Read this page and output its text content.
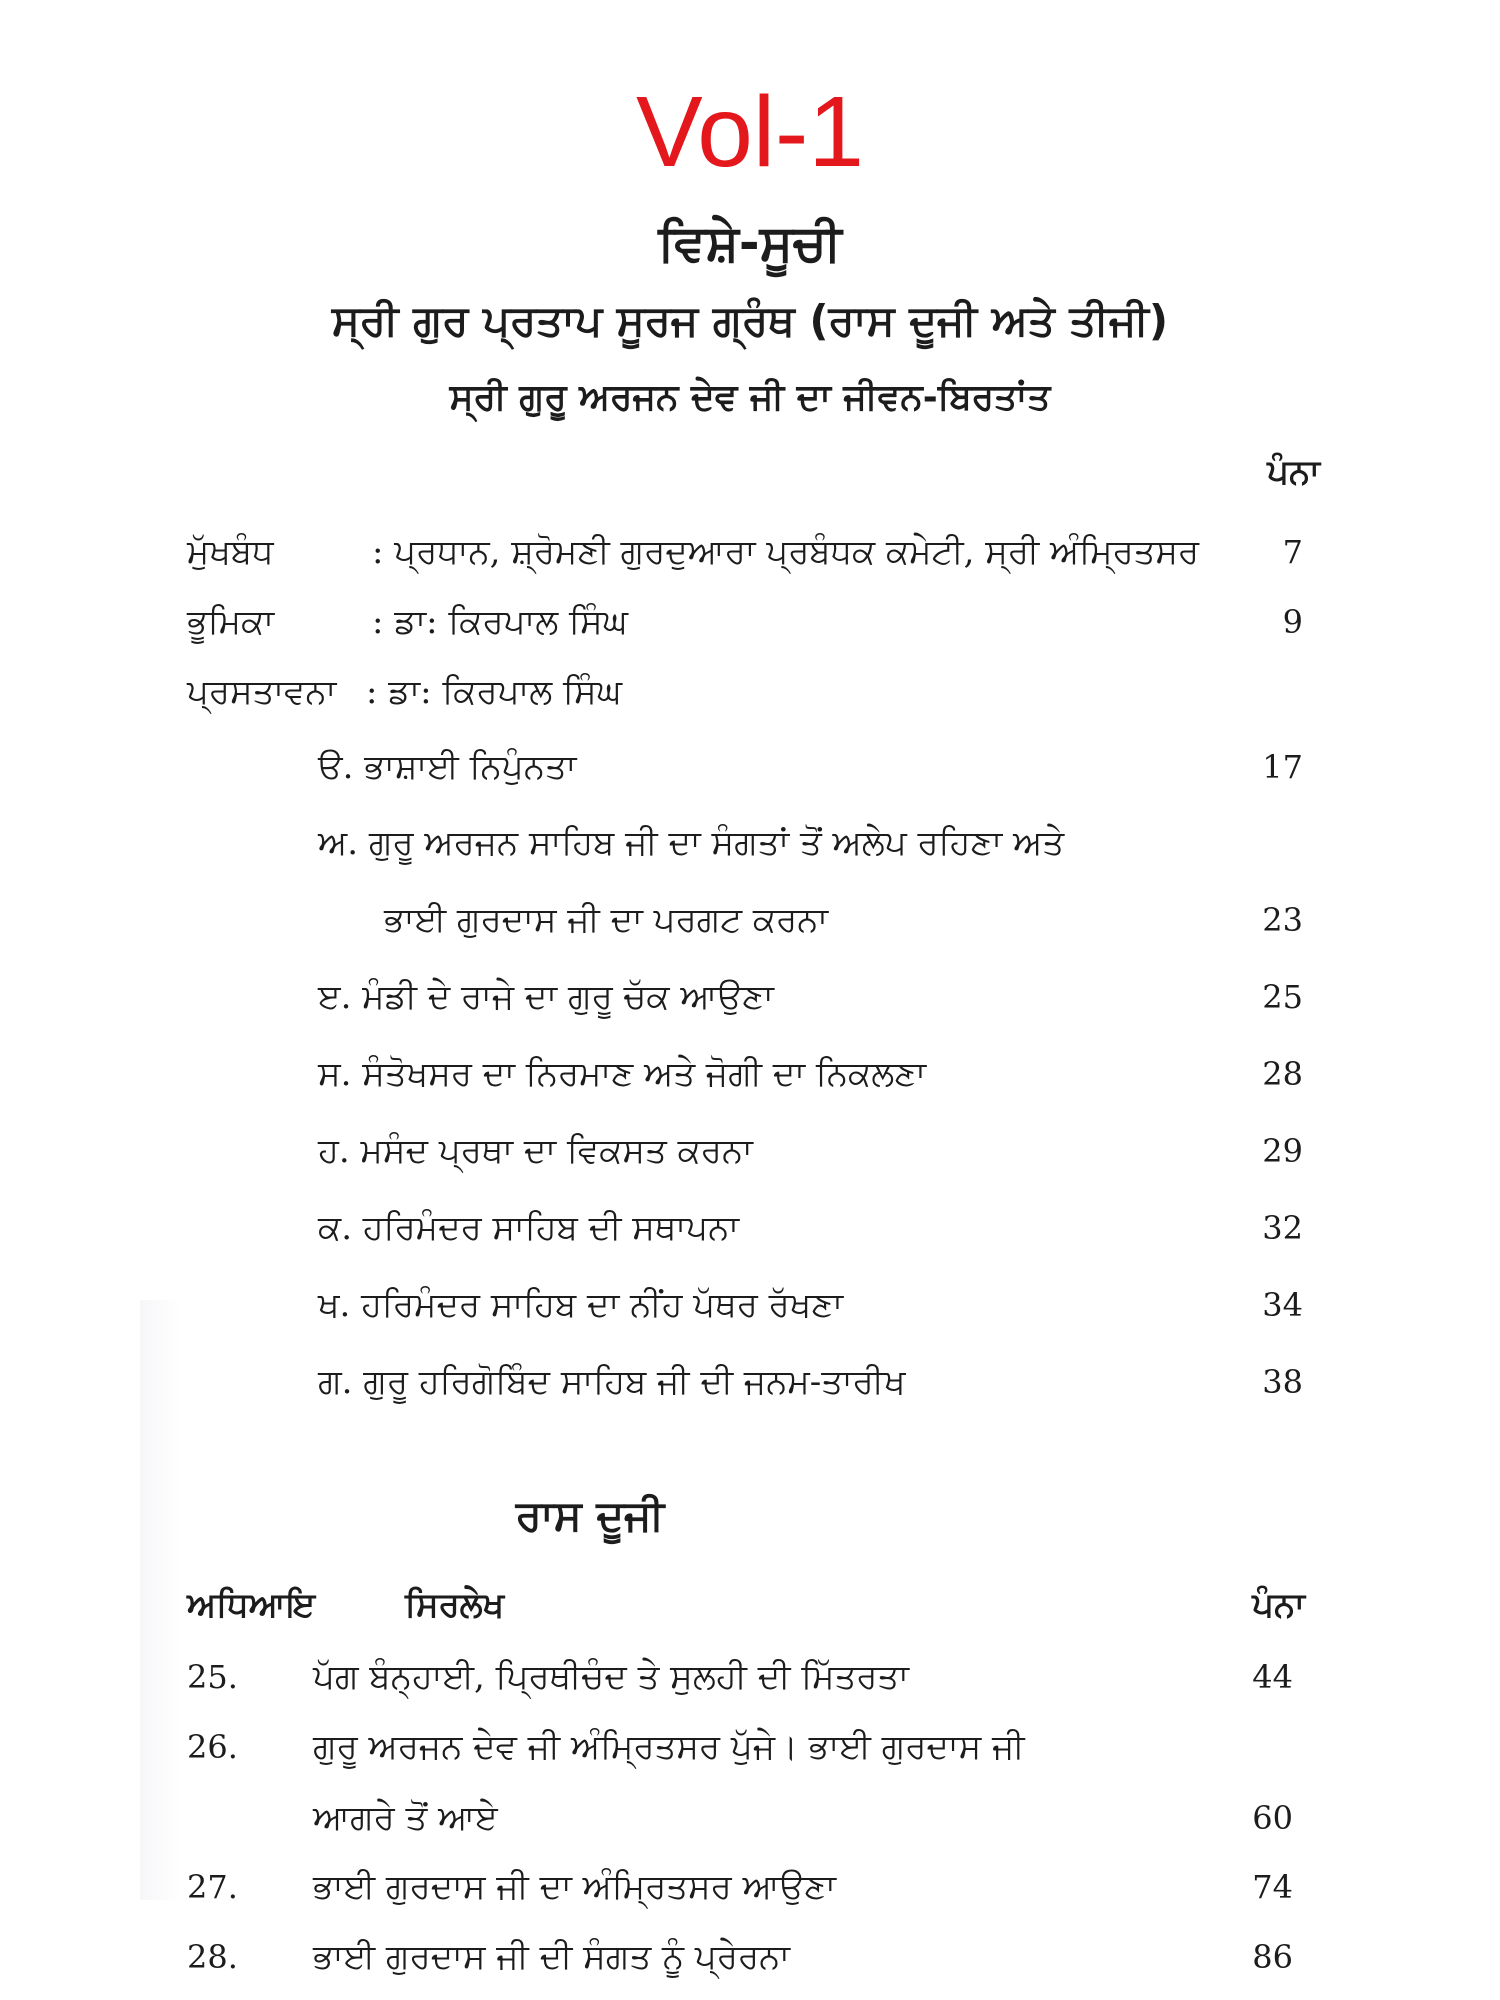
Vol-1
ਵਿਸ਼ੇ-ਸੂਚੀ
ਸ੍ਰੀ ਗੁਰ ਪ੍ਰਤਾਪ ਸੂਰਜ ਗ੍ਰੰਥ (ਰਾਸ ਦੂਜੀ ਅਤੇ ਤੀਜੀ)
ਸ੍ਰੀ ਗੁਰੂ ਅਰਜਨ ਦੇਵ ਜੀ ਦਾ ਜੀਵਨ-ਬਿਰਤਾਂਤ
ਪੰਨਾ
ਮੁੱਖਬੰਧ	: ਪ੍ਰਧਾਨ, ਸ਼੍ਰੋਮਣੀ ਗੁਰਦੁਆਰਾ ਪ੍ਰਬੰਧਕ ਕਮੇਟੀ, ਸ੍ਰੀ ਅੰਮ੍ਰਿਤਸਰ	7
ਭੂਮਿਕਾ	: ਡਾ: ਕਿਰਪਾਲ ਸਿੰਘ	9
ਪ੍ਰਸਤਾਵਨਾ : ਡਾ: ਕਿਰਪਾਲ ਸਿੰਘ
ੳ. ਭਾਸ਼ਾਈ ਨਿਪੁੰਨਤਾ	17
ਅ. ਗੁਰੂ ਅਰਜਨ ਸਾਹਿਬ ਜੀ ਦਾ ਸੰਗਤਾਂ ਤੋਂ ਅਲੇਪ ਰਹਿਣਾ ਅਤੇ
ਭਾਈ ਗੁਰਦਾਸ ਜੀ ਦਾ ਪਰਗਟ ਕਰਨਾ	23
ੲ. ਮੰਡੀ ਦੇ ਰਾਜੇ ਦਾ ਗੁਰੂ ਚੱਕ ਆਉਣਾ	25
ਸ. ਸੰਤੋਖਸਰ ਦਾ ਨਿਰਮਾਣ ਅਤੇ ਜੋਗੀ ਦਾ ਨਿਕਲਣਾ	28
ਹ. ਮਸੰਦ ਪ੍ਰਥਾ ਦਾ ਵਿਕਸਤ ਕਰਨਾ	29
ਕ. ਹਰਿਮੰਦਰ ਸਾਹਿਬ ਦੀ ਸਥਾਪਨਾ	32
ਖ. ਹਰਿਮੰਦਰ ਸਾਹਿਬ ਦਾ ਨੀਂਹ ਪੱਥਰ ਰੱਖਣਾ	34
ਗ. ਗੁਰੂ ਹਰਿਗੋਬਿੰਦ ਸਾਹਿਬ ਜੀ ਦੀ ਜਨਮ-ਤਾਰੀਖ	38
ਰਾਸ ਦੂਜੀ
ਅਧਿਆਇ	ਸਿਰਲੇਖ	ਪੰਨਾ
25. ਪੱਗ ਬੰਨ੍ਹਾਈ, ਪ੍ਰਿਥੀਚੰਦ ਤੇ ਸੁਲਹੀ ਦੀ ਮਿੱਤਰਤਾ	44
26. ਗੁਰੂ ਅਰਜਨ ਦੇਵ ਜੀ ਅੰਮ੍ਰਿਤਸਰ ਪੁੱਜੇ। ਭਾਈ ਗੁਰਦਾਸ ਜੀ
ਆਗਰੇ ਤੋਂ ਆਏ	60
27. ਭਾਈ ਗੁਰਦਾਸ ਜੀ ਦਾ ਅੰਮ੍ਰਿਤਸਰ ਆਉਣਾ	74
28. ਭਾਈ ਗੁਰਦਾਸ ਜੀ ਦੀ ਸੰਗਤ ਨੂੰ ਪ੍ਰੇਰਨਾ	86
